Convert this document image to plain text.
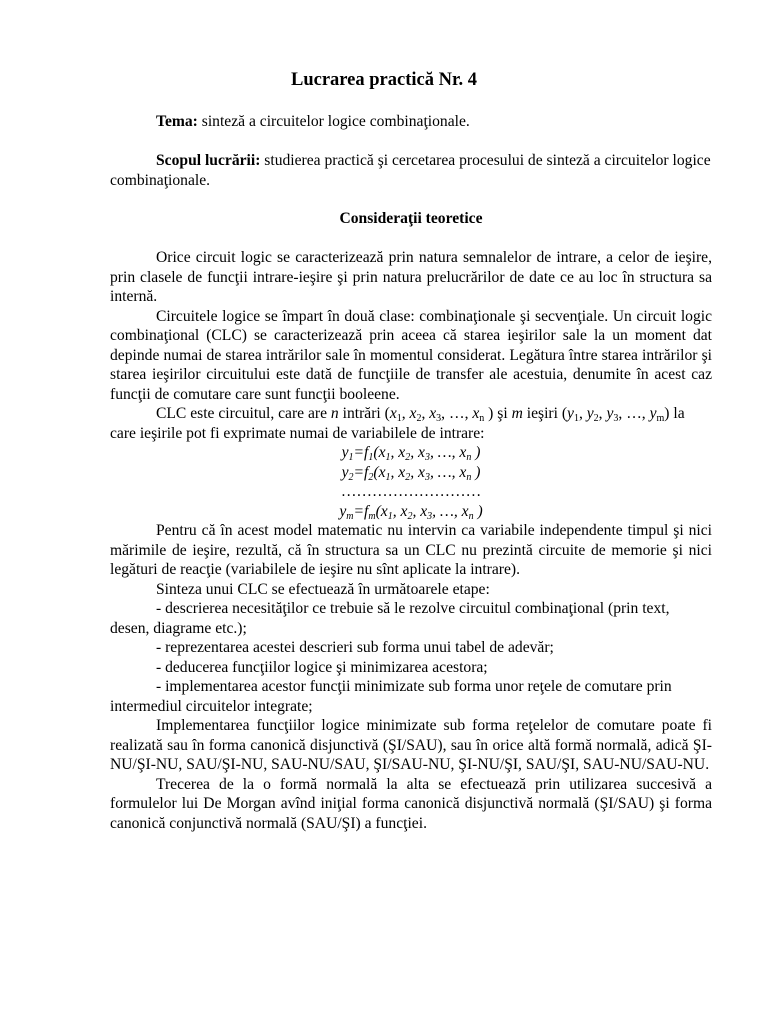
Lucrarea practică Nr. 4

Tema: sinteză a circuitelor logice combinaţionale.

Scopul lucrării: studierea practică şi cercetarea procesului de sinteză a circuitelor logice combinaţionale.

Consideraţii teoretice

Orice circuit logic se caracterizează prin natura semnalelor de intrare, a celor de ieşire, prin clasele de funcţii intrare-ieşire şi prin natura prelucrărilor de date ce au loc în structura sa internă.

Circuitele logice se împart în două clase: combinaţionale şi secvenţiale. Un circuit logic combinaţional (CLC) se caracterizează prin aceea că starea ieşirilor sale la un moment dat depinde numai de starea intrărilor sale în momentul considerat. Legătura între starea intrărilor şi starea ieşirilor circuitului este dată de funcţiile de transfer ale acestuia, denumite în acest caz funcţii de comutare care sunt funcţii booleene.

CLC este circuitul, care are n intrări ($x_1$, $x_2$, $x_3$, …, $x_n$ ) şi m ieşiri ($y_1$, $y_2$, $y_3$, …, $y_m$) la care ieşirile pot fi exprimate numai de variabilele de intrare:

$y_1=f_1(x_1$, $x_2$, $x_3$, …, $x_n$ )

$y_2=f_2(x_1$, $x_2$, $x_3$, …, $x_n$ )

………………………

$y_m=f_m(x_1$, $x_2$, $x_3$, …, $x_n$ )

Pentru că în acest model matematic nu intervin ca variabile independente timpul şi nici mărimile de ieşire, rezultă, că în structura sa un CLC nu prezintă circuite de memorie şi nici legături de reacţie (variabilele de ieşire nu sînt aplicate la intrare).

Sinteza unui CLC se efectuează în următoarele etape:

- descrierea necesităţilor ce trebuie să le rezolve circuitul combinaţional (prin text, desen, diagrame etc.);

- reprezentarea acestei descrieri sub forma unui tabel de adevăr;

- deducerea funcţiilor logice şi minimizarea acestora;

- implementarea acestor funcţii minimizate sub forma unor reţele de comutare prin intermediul circuitelor integrate;

Implementarea funcţiilor logice minimizate sub forma reţelelor de comutare poate fi realizată sau în forma canonică disjunctivă (ŞI/SAU), sau în orice altă formă normală, adică ŞI-NU/ŞI-NU, SAU/ŞI-NU, SAU-NU/SAU, ŞI/SAU-NU, ŞI-NU/ŞI, SAU/ŞI, SAU-NU/SAU-NU.

Trecerea de la o formă normală la alta se efectuează prin utilizarea succesivă a formulelor lui De Morgan avînd iniţial forma canonică disjunctivă normală (ŞI/SAU) şi forma canonică conjunctivă normală (SAU/ŞI) a funcţiei.
